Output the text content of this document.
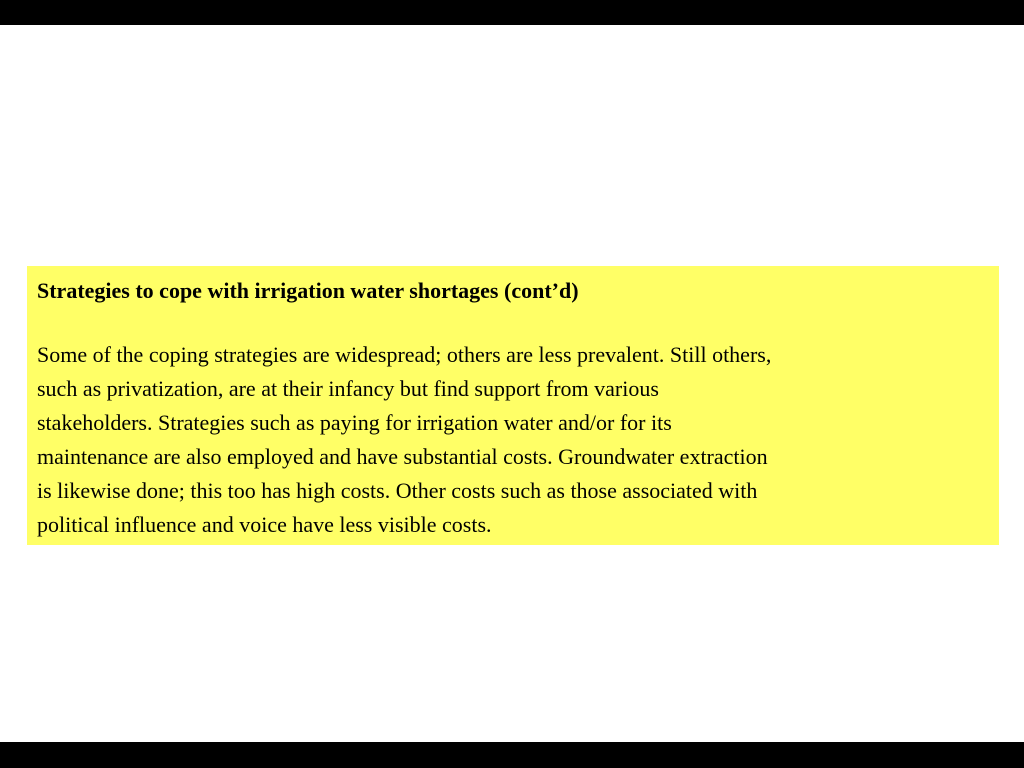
Strategies to cope with irrigation water shortages (cont’d)

Some of the coping strategies are widespread; others are less prevalent. Still others,
such as privatization, are at their infancy but find support from various
stakeholders. Strategies such as paying for irrigation water and/or for its
maintenance are also employed and have substantial costs. Groundwater extraction
is likewise done; this too has high costs. Other costs such as those associated with
political influence and voice have less visible costs.
